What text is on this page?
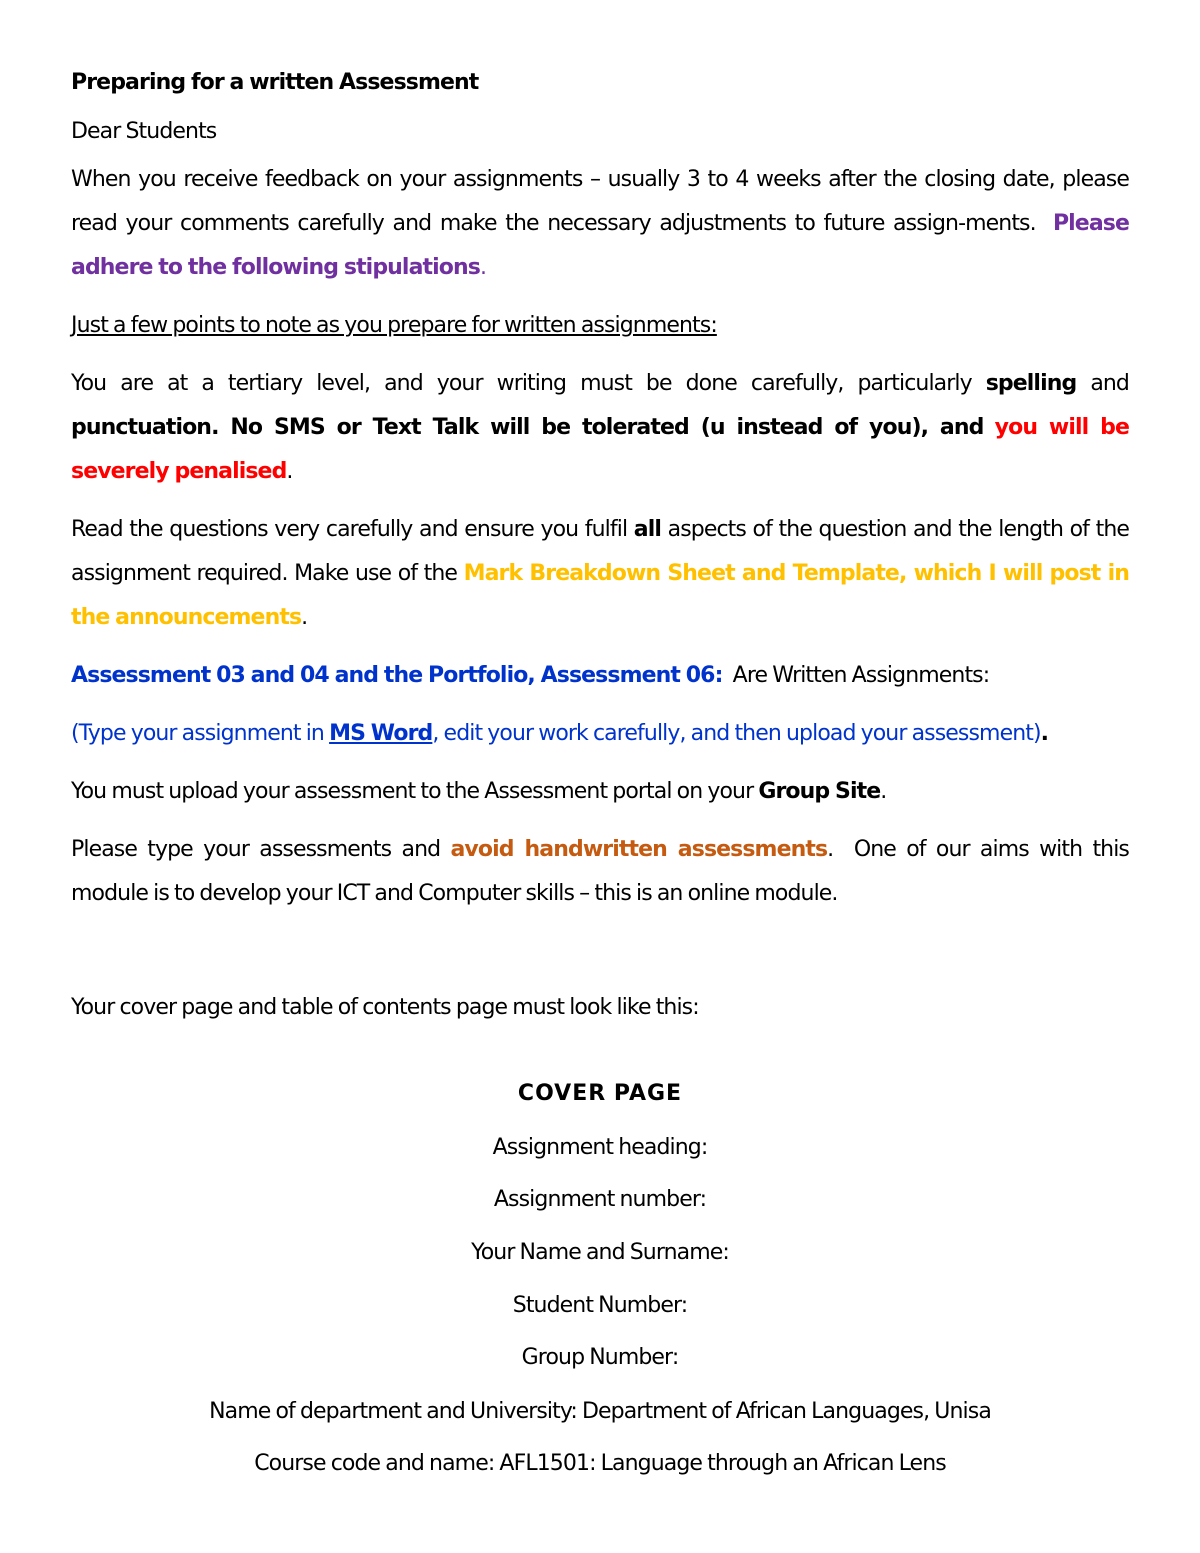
Preparing for a written Assessment

Dear Students

When you receive feedback on your assignments – usually 3 to 4 weeks after the closing date, please read your comments carefully and make the necessary adjustments to future assign-ments. Please adhere to the following stipulations.

Just a few points to note as you prepare for written assignments:

You are at a tertiary level, and your writing must be done carefully, particularly spelling and punctuation. No SMS or Text Talk will be tolerated (u instead of you), and you will be severely penalised.

Read the questions very carefully and ensure you fulfil all aspects of the question and the length of the assignment required. Make use of the Mark Breakdown Sheet and Template, which I will post in the announcements.

Assessment 03 and 04 and the Portfolio, Assessment 06: Are Written Assignments:

(Type your assignment in MS Word, edit your work carefully, and then upload your assessment).

You must upload your assessment to the Assessment portal on your Group Site.

Please type your assessments and avoid handwritten assessments.  One of our aims with this module is to develop your ICT and Computer skills – this is an online module.

Your cover page and table of contents page must look like this:

COVER PAGE

Assignment heading:

Assignment number:

Your Name and Surname:

Student Number:

Group Number:

Name of department and University: Department of African Languages, Unisa

Course code and name: AFL1501: Language through an African Lens
